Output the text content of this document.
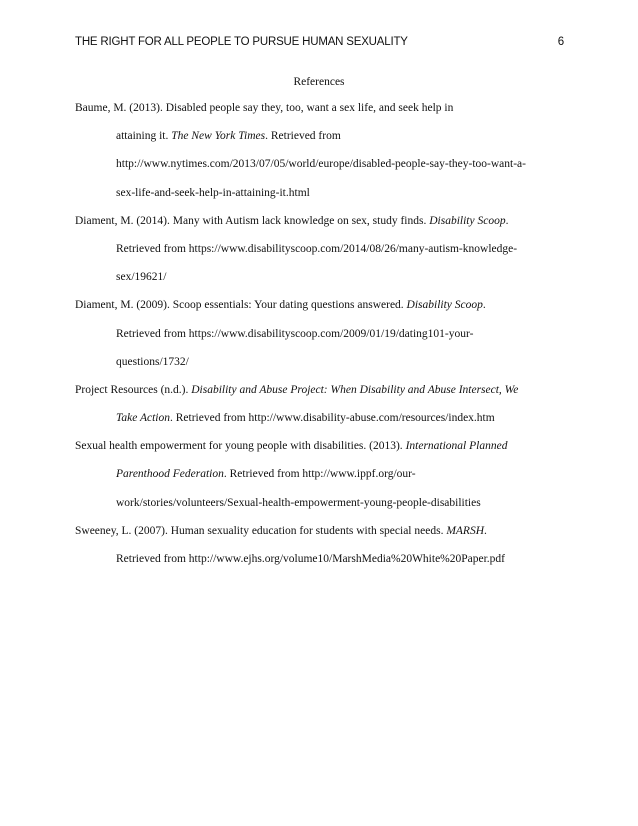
THE RIGHT FOR ALL PEOPLE TO PURSUE HUMAN SEXUALITY	6
References
Baume, M. (2013). Disabled people say they, too, want a sex life, and seek help in
attaining it. The New York Times. Retrieved from
http://www.nytimes.com/2013/07/05/world/europe/disabled-people-say-they-too-want-a-
sex-life-and-seek-help-in-attaining-it.html
Diament, M. (2014). Many with Autism lack knowledge on sex, study finds. Disability Scoop.
Retrieved from https://www.disabilityscoop.com/2014/08/26/many-autism-knowledge-
sex/19621/
Diament, M. (2009). Scoop essentials: Your dating questions answered. Disability Scoop.
Retrieved from https://www.disabilityscoop.com/2009/01/19/dating101-your-
questions/1732/
Project Resources (n.d.). Disability and Abuse Project: When Disability and Abuse Intersect, We
Take Action. Retrieved from http://www.disability-abuse.com/resources/index.htm
Sexual health empowerment for young people with disabilities. (2013). International Planned
Parenthood Federation. Retrieved from http://www.ippf.org/our-
work/stories/volunteers/Sexual-health-empowerment-young-people-disabilities
Sweeney, L. (2007). Human sexuality education for students with special needs. MARSH.
Retrieved from http://www.ejhs.org/volume10/MarshMedia%20White%20Paper.pdf
